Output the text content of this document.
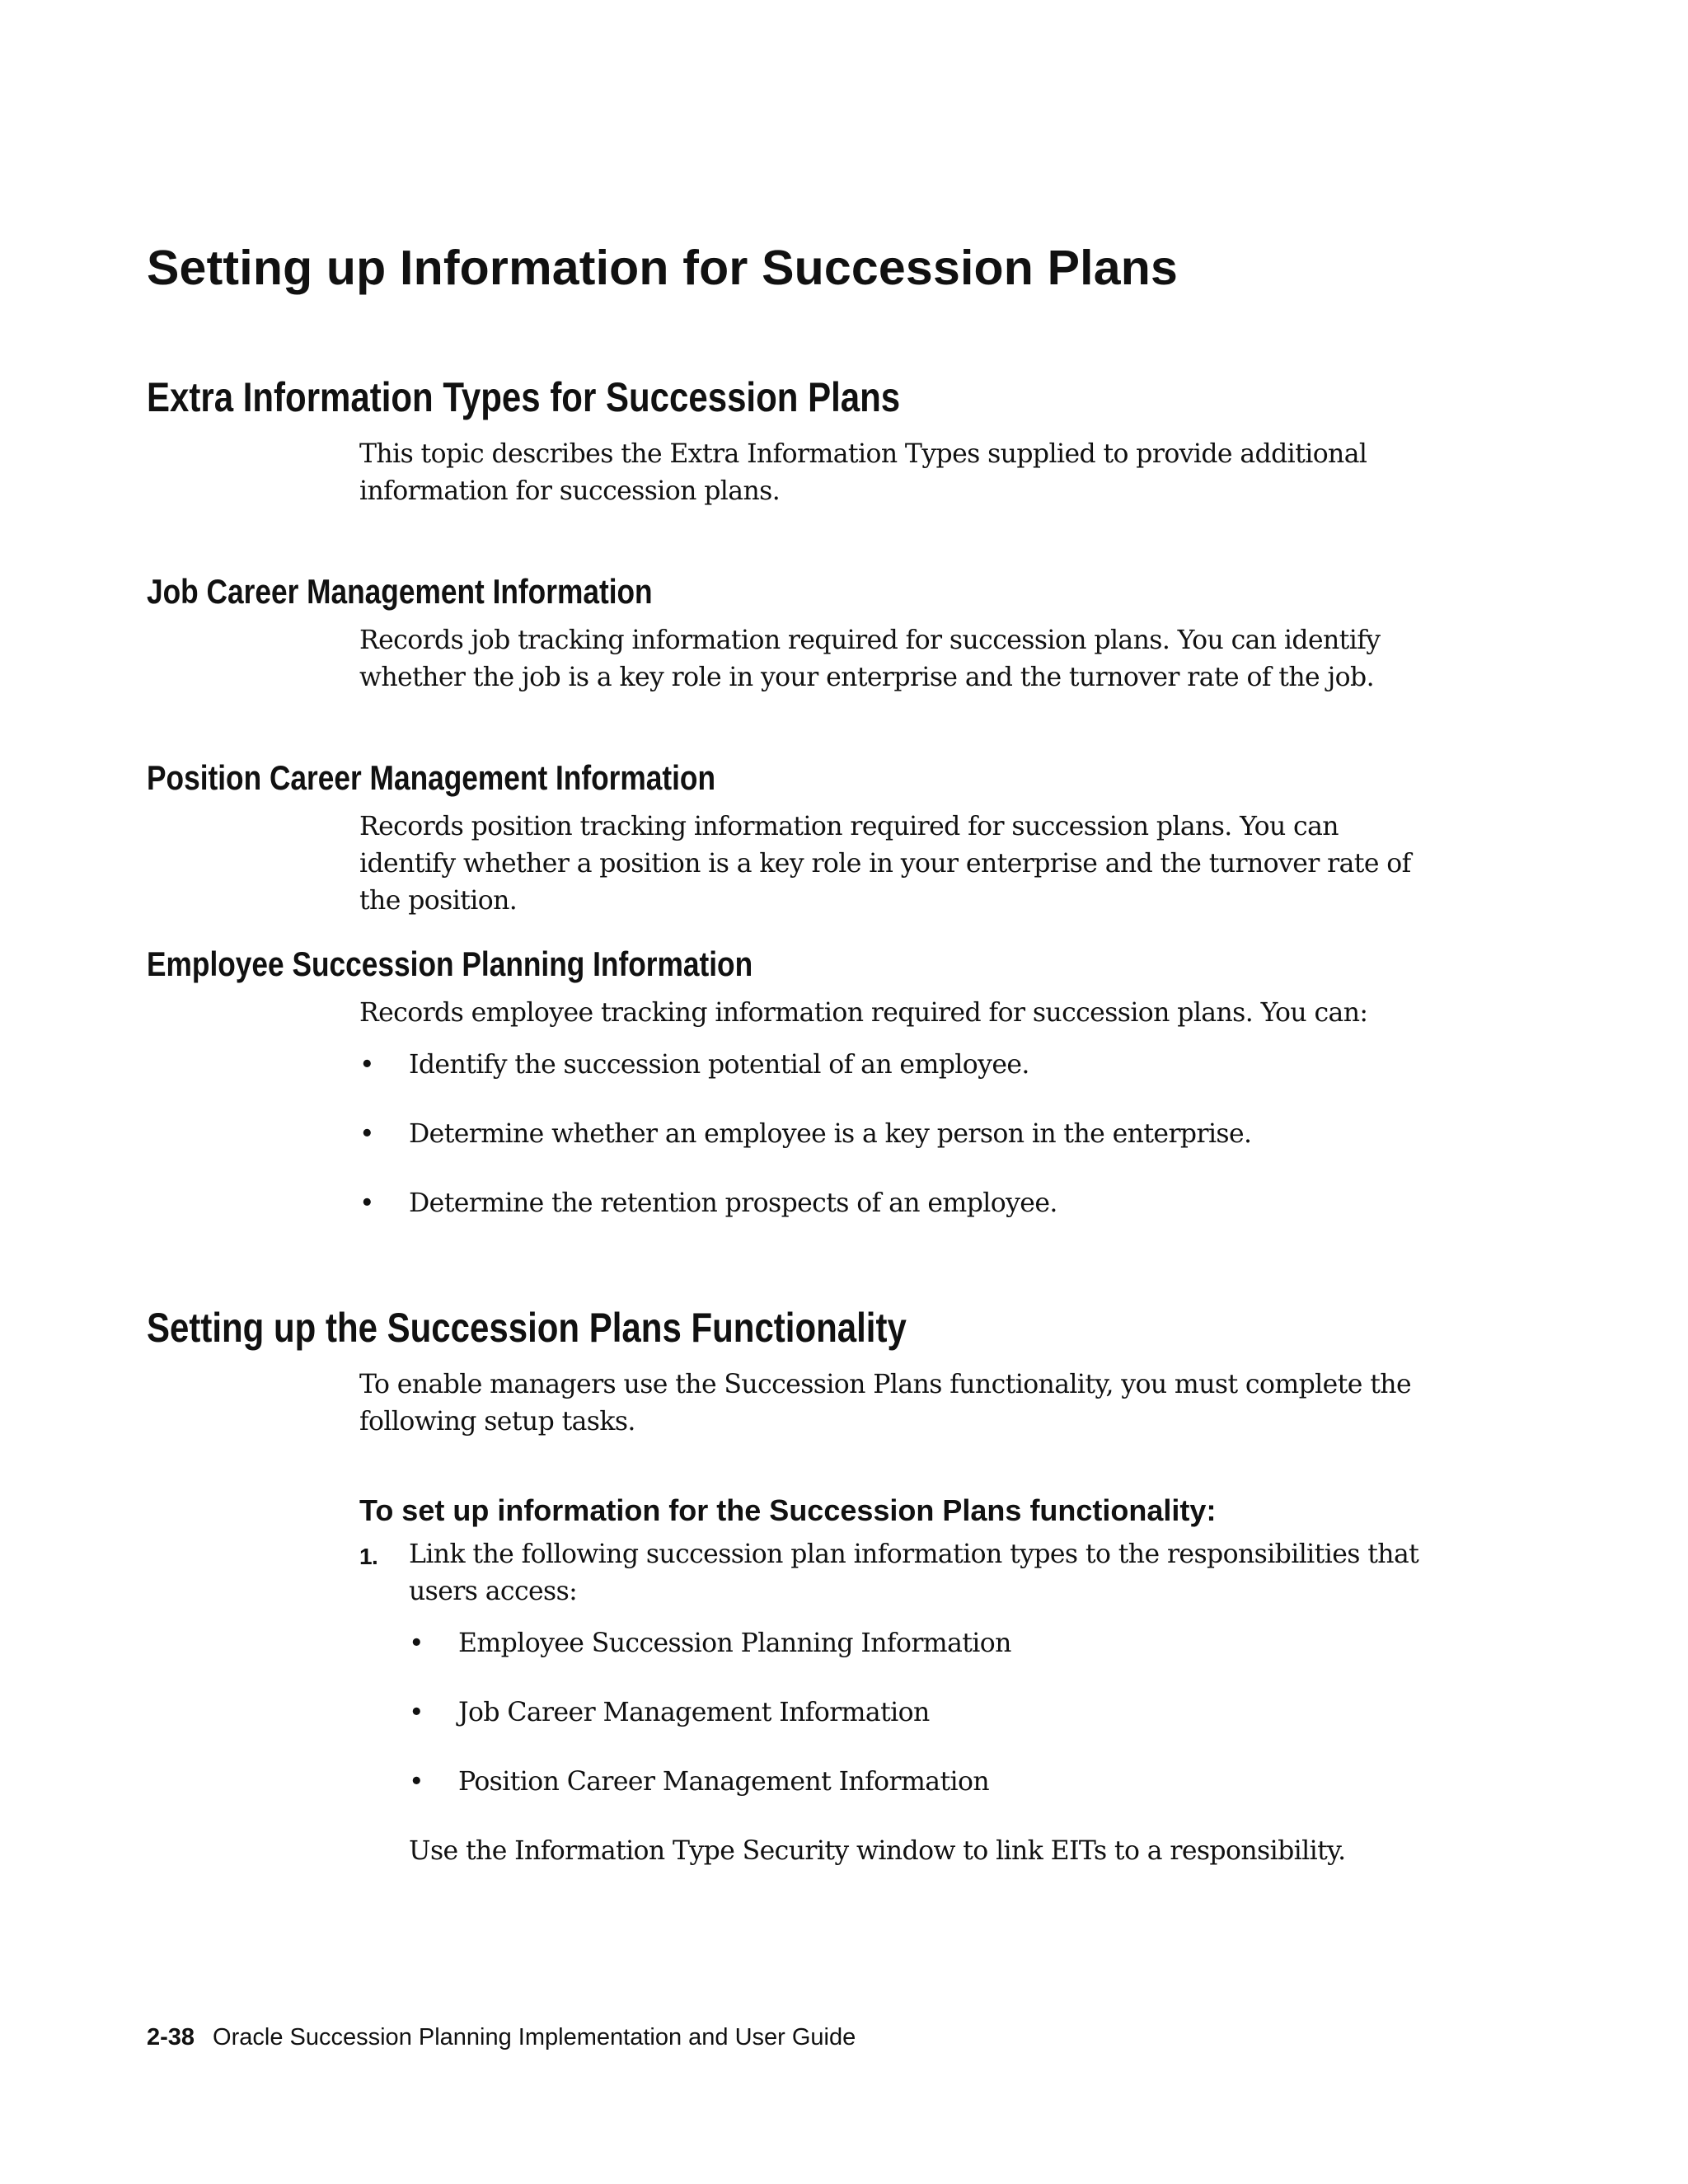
Setting up Information for Succession Plans
Extra Information Types for Succession Plans
This topic describes the Extra Information Types supplied to provide additional information for succession plans.
Job Career Management Information
Records job tracking information required for succession plans. You can identify whether the job is a key role in your enterprise and the turnover rate of the job.
Position Career Management Information
Records position tracking information required for succession plans. You can identify whether a position is a key role in your enterprise and the turnover rate of the position.
Employee Succession Planning Information
Records employee tracking information required for succession plans. You can:
• Identify the succession potential of an employee.
• Determine whether an employee is a key person in the enterprise.
• Determine the retention prospects of an employee.
Setting up the Succession Plans Functionality
To enable managers use the Succession Plans functionality, you must complete the following setup tasks.
To set up information for the Succession Plans functionality:
1. Link the following succession plan information types to the responsibilities that users access:
• Employee Succession Planning Information
• Job Career Management Information
• Position Career Management Information
Use the Information Type Security window to link EITs to a responsibility.
2-38 Oracle Succession Planning Implementation and User Guide
